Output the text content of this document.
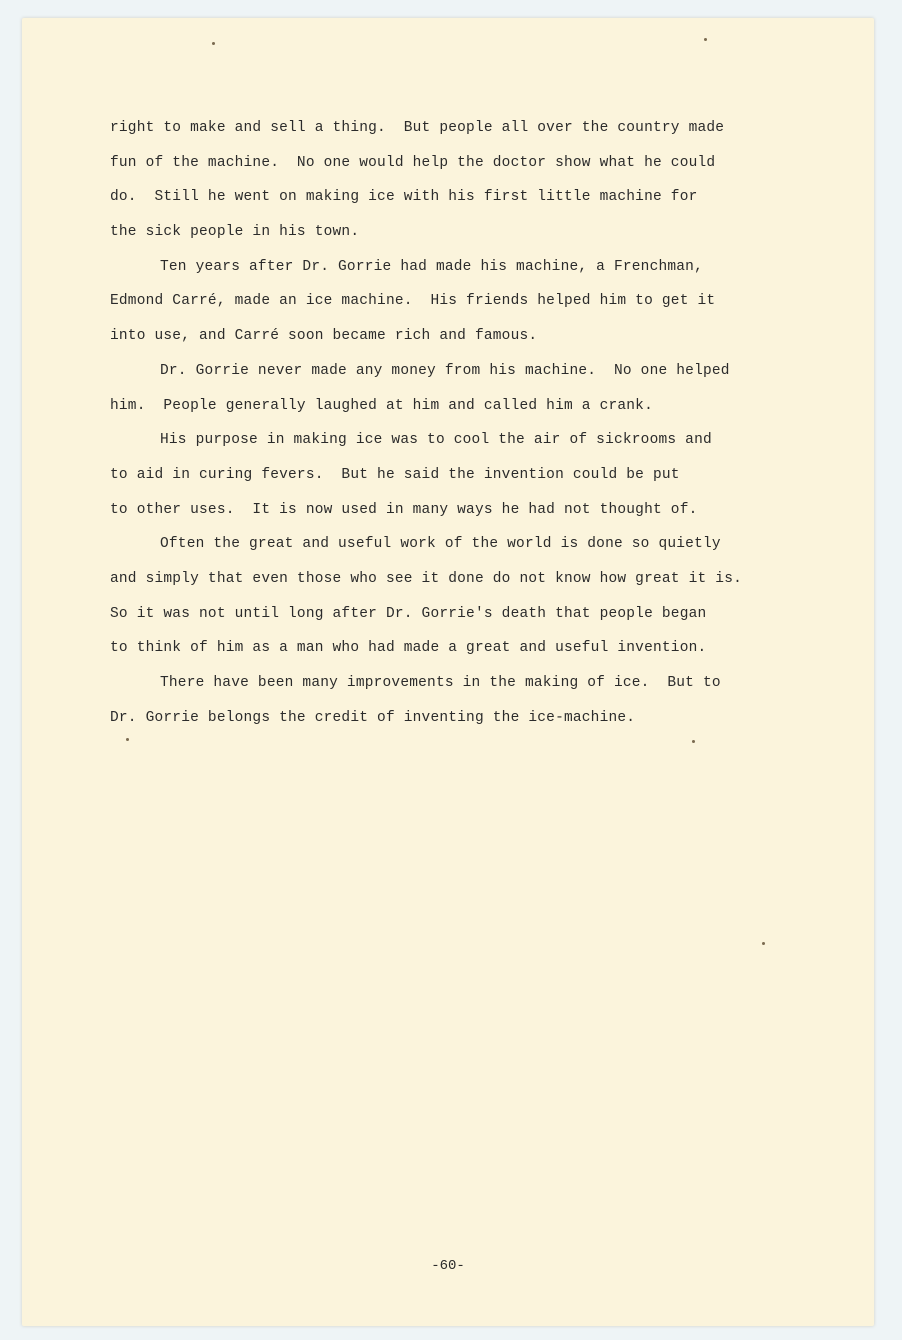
right to make and sell a thing.  But people all over the country made
fun of the machine.  No one would help the doctor show what he could
do.  Still he went on making ice with his first little machine for
the sick people in his town.
Ten years after Dr. Gorrie had made his machine, a Frenchman,
Edmond Carré, made an ice machine.  His friends helped him to get it
into use, and Carré soon became rich and famous.
Dr. Gorrie never made any money from his machine.  No one helped
him.  People generally laughed at him and called him a crank.
His purpose in making ice was to cool the air of sickrooms and
to aid in curing fevers.  But he said the invention could be put
to other uses.  It is now used in many ways he had not thought of.
Often the great and useful work of the world is done so quietly
and simply that even those who see it done do not know how great it is.
So it was not until long after Dr. Gorrie's death that people began
to think of him as a man who had made a great and useful invention.
There have been many improvements in the making of ice.  But to
Dr. Gorrie belongs the credit of inventing the ice-machine.
-60-
